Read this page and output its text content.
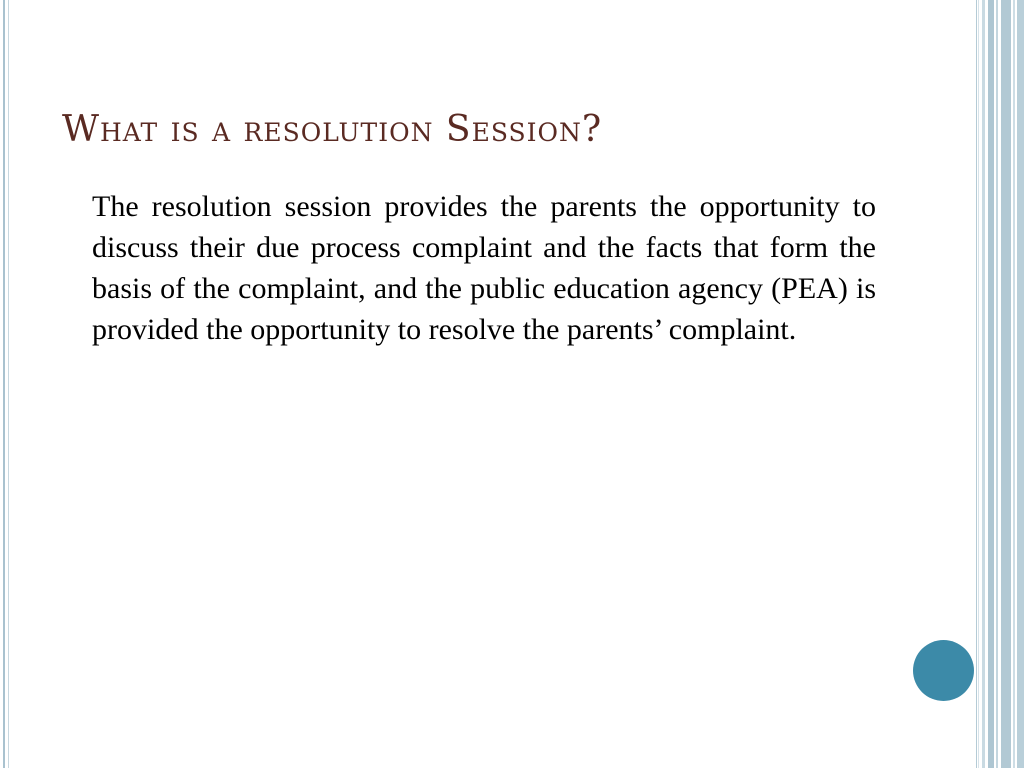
What is a resolution Session?

The resolution session provides the parents the opportunity to discuss their due process complaint and the facts that form the basis of the complaint, and the public education agency (PEA) is provided the opportunity to resolve the parents’ complaint.
